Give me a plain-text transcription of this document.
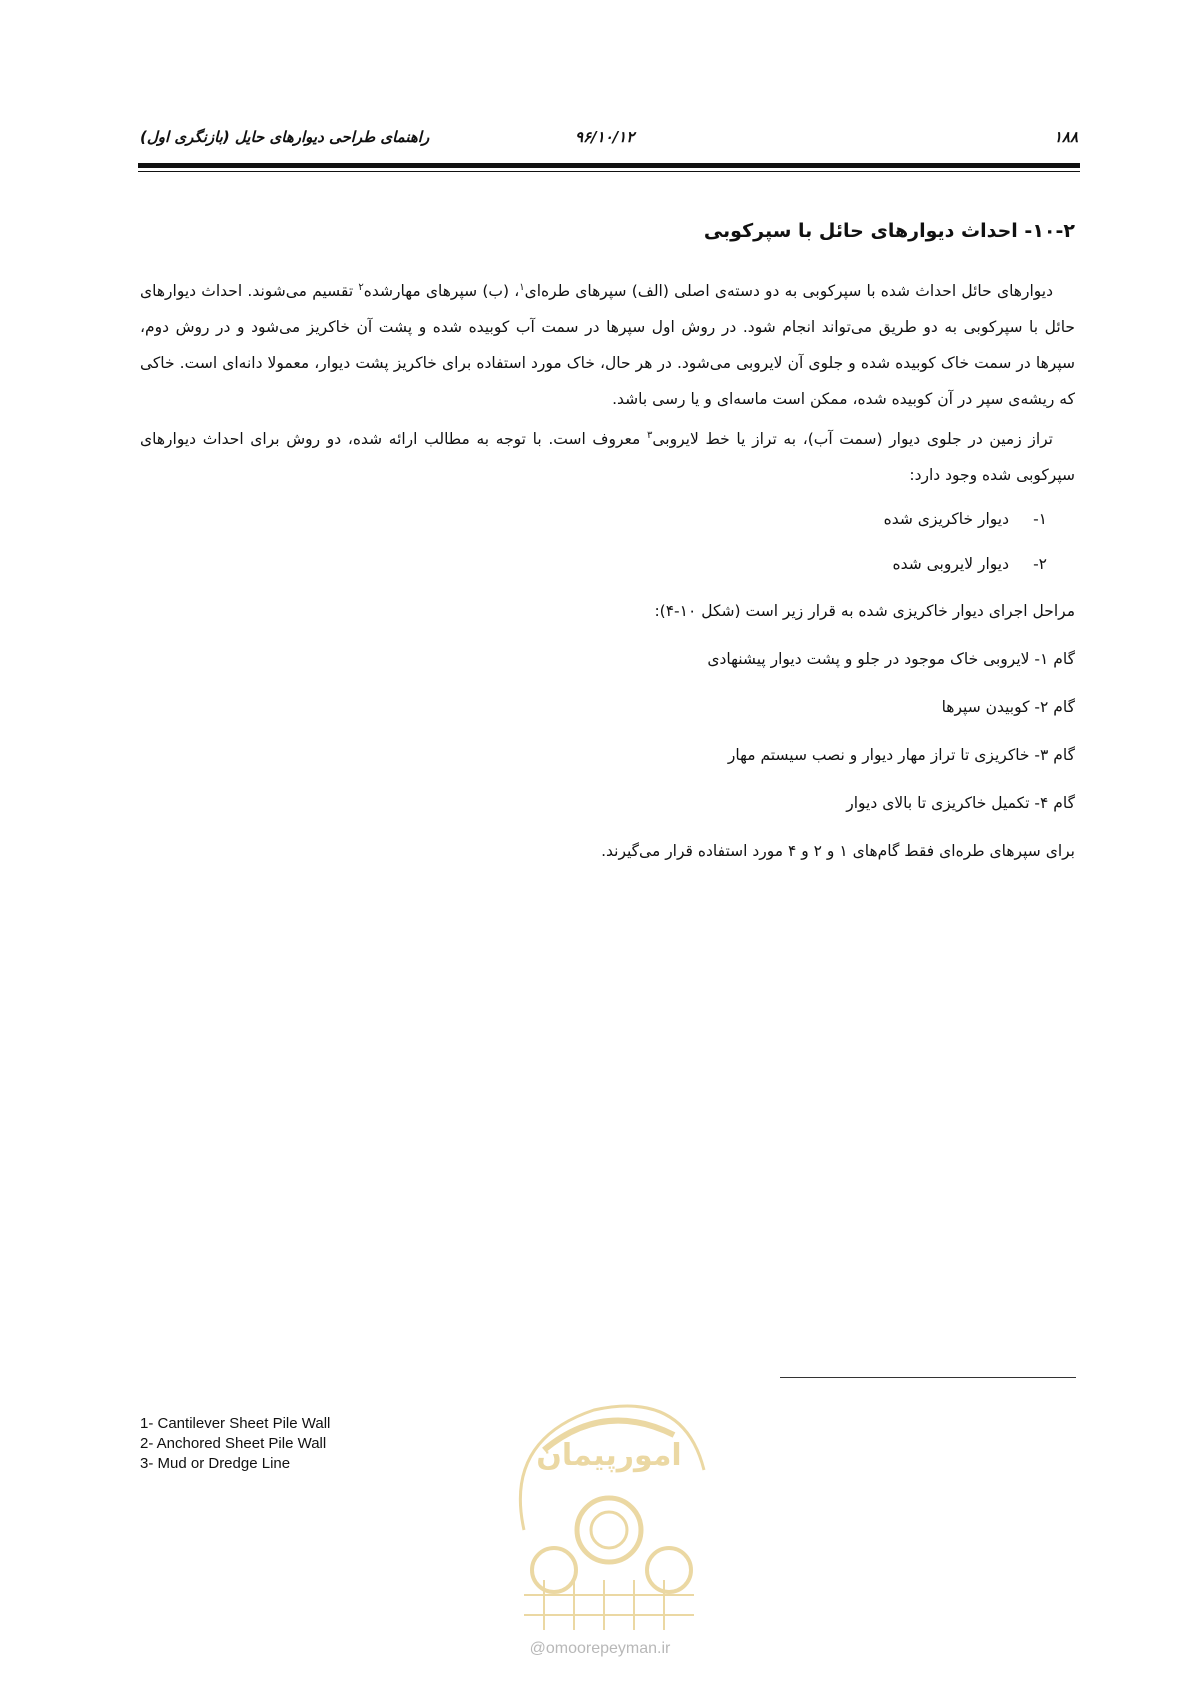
۱۸۸
۹۶/۱۰/۱۲
راهنمای طراحی دیوارهای حایل (بازنگری اول)
۱۰-۲- احداث دیوارهای حائل با سپرکوبی

دیوارهای حائل احداث شده با سپرکوبی به دو دسته‌ی اصلی (الف) سپرهای طره‌ای$^۱$، (ب) سپرهای مهارشده$^۲$ تقسیم می‌شوند. احداث دیوارهای حائل با سپرکوبی به دو طریق می‌تواند انجام شود. در روش اول سپرها در سمت آب کوبیده شده و پشت آن خاکریز می‌شود و در روش دوم، سپرها در سمت خاک کوبیده شده و جلوی آن لایروبی می‌شود. در هر حال، خاک مورد استفاده برای خاکریز پشت دیوار، معمولا دانه‌ای است. خاکی که ریشه‌ی سپر در آن کوبیده شده، ممکن است ماسه‌ای و یا رسی باشد.

تراز زمین در جلوی دیوار (سمت آب)، به تراز یا خط لایروبی$^۳$ معروف است. با توجه به مطالب ارائه شده، دو روش برای احداث دیوارهای سپرکوبی شده وجود دارد:

۱-دیوار خاکریزی شده
۲-دیوار لایروبی شده
مراحل اجرای دیوار خاکریزی شده به قرار زیر است (شکل ۱۰-۴):
گام ۱- لایروبی خاک موجود در جلو و پشت دیوار پیشنهادی
گام ۲- کوبیدن سپرها
گام ۳- خاکریزی تا تراز مهار دیوار و نصب سیستم مهار
گام ۴- تکمیل خاکریزی تا بالای دیوار
برای سپرهای طره‌ای فقط گام‌های ۱ و ۲ و ۴ مورد استفاده قرار می‌گیرند.
1- Cantilever Sheet Pile Wall
2- Anchored Sheet Pile Wall
3- Mud or Dredge Line	امورپیمان
@omoorepeyman.ir
